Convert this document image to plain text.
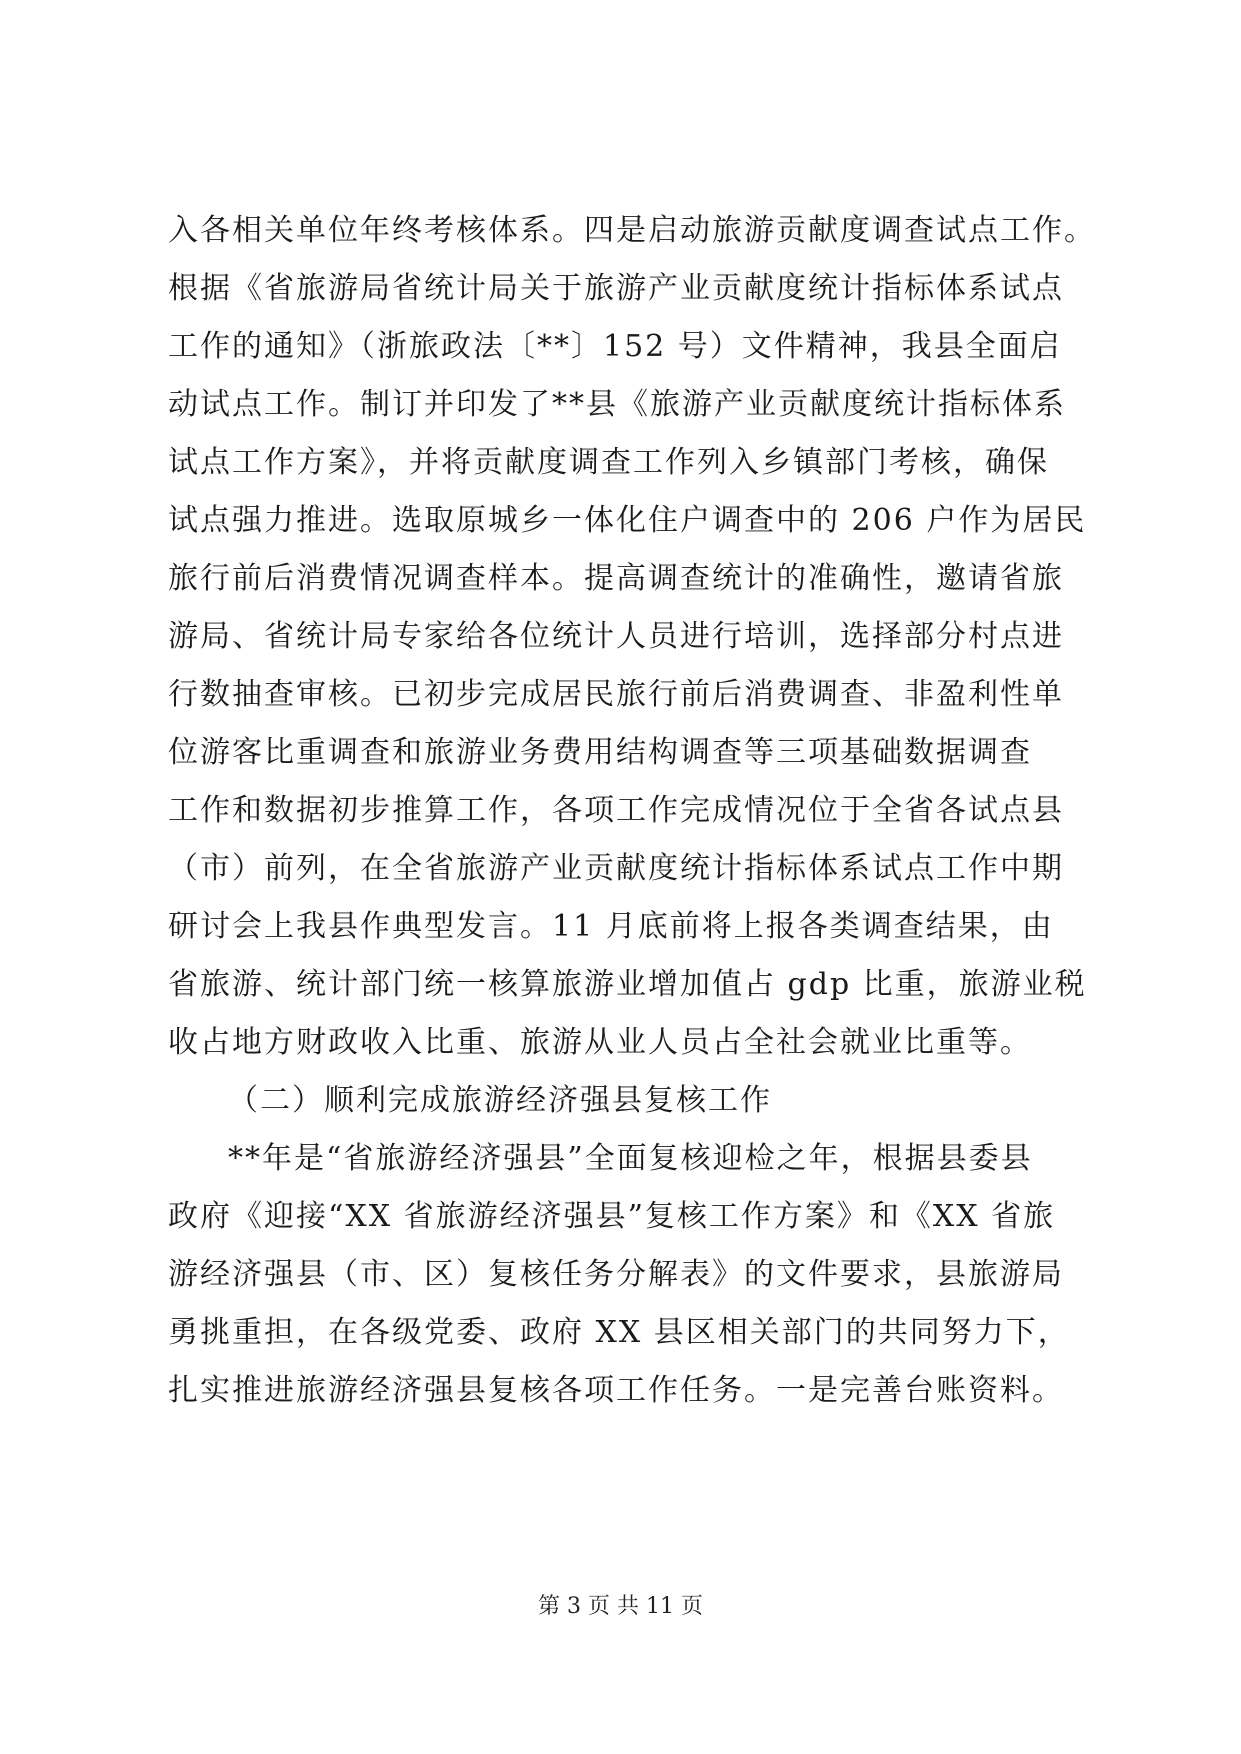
入各相关单位年终考核体系。四是启动旅游贡献度调查试点工作。
根据《省旅游局省统计局关于旅游产业贡献度统计指标体系试点
工作的通知》（浙旅政法〔**〕152 号）文件精神，我县全面启
动试点工作。制订并印发了**县《旅游产业贡献度统计指标体系
试点工作方案》，并将贡献度调查工作列入乡镇部门考核，确保
试点强力推进。选取原城乡一体化住户调查中的 206 户作为居民
旅行前后消费情况调查样本。提高调查统计的准确性，邀请省旅
游局、省统计局专家给各位统计人员进行培训，选择部分村点进
行数抽查审核。已初步完成居民旅行前后消费调查、非盈利性单
位游客比重调查和旅游业务费用结构调查等三项基础数据调查
工作和数据初步推算工作，各项工作完成情况位于全省各试点县
（市）前列，在全省旅游产业贡献度统计指标体系试点工作中期
研讨会上我县作典型发言。11 月底前将上报各类调查结果，由
省旅游、统计部门统一核算旅游业增加值占 gdp 比重，旅游业税
收占地方财政收入比重、旅游从业人员占全社会就业比重等。
（二）顺利完成旅游经济强县复核工作
**年是“省旅游经济强县”全面复核迎检之年，根据县委县
政府《迎接“XX 省旅游经济强县”复核工作方案》和《XX 省旅
游经济强县（市、区）复核任务分解表》的文件要求，县旅游局
勇挑重担，在各级党委、政府 XX 县区相关部门的共同努力下，
扎实推进旅游经济强县复核各项工作任务。一是完善台账资料。
第 3 页 共 11 页
